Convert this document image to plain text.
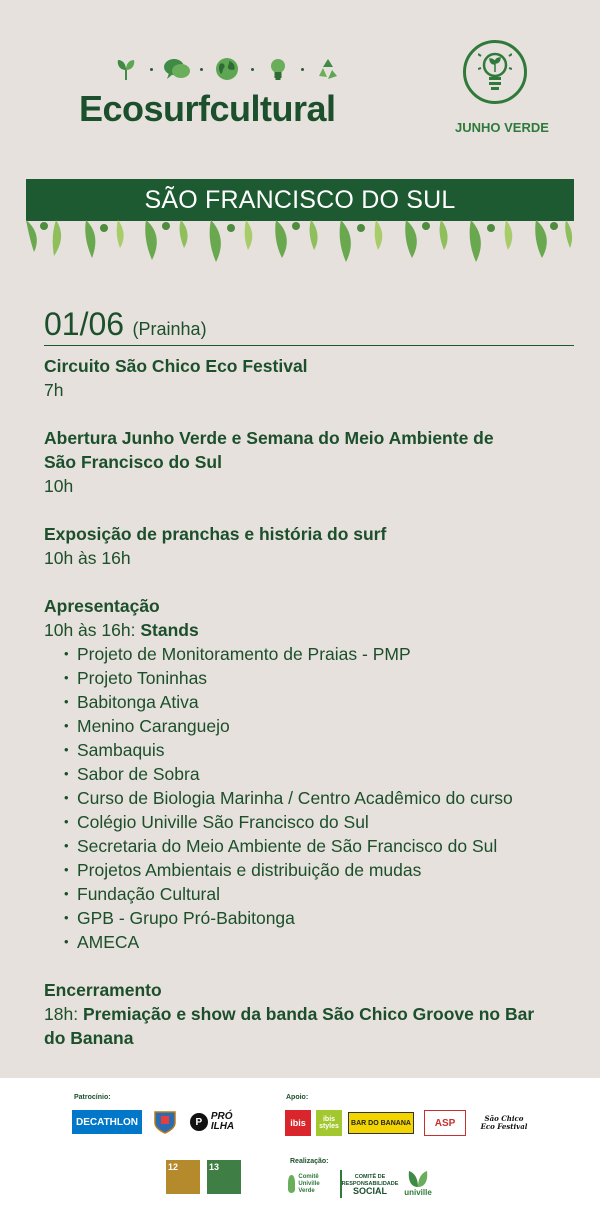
Ecosurfcultural	JUNHO VERDE
SÃO FRANCISCO DO SUL
01/06 (Prainha)
Circuito São Chico Eco Festival
7h
Abertura Junho Verde e Semana do Meio Ambiente de
São Francisco do Sul
10h
Exposição de pranchas e história do surf
10h às 16h
Apresentação
10h às 16h: Stands
• Projeto de Monitoramento de Praias - PMP
• Projeto Toninhas
• Babitonga Ativa
• Menino Caranguejo
• Sambaquis
• Sabor de Sobra
• Curso de Biologia Marinha / Centro Acadêmico do curso
• Colégio Univille São Francisco do Sul
• Secretaria do Meio Ambiente de São Francisco do Sul
• Projetos Ambientais e distribuição de mudas
• Fundação Cultural
• GPB - Grupo Pró-Babitonga
• AMECA
Encerramento
18h: Premiação e show da banda São Chico Groove no Bar
do Banana
Patrocínio:
DECATHLON	P PRÓ
ILHA
Apoio:
ibis	ibis styles	BAR DO BANANA	ASP	São Chico Eco Festival
12	13
Realização:
Comitê Univille Verde
COMITÊ DE
RESPONSABILIDADE
SOCIAL univille
